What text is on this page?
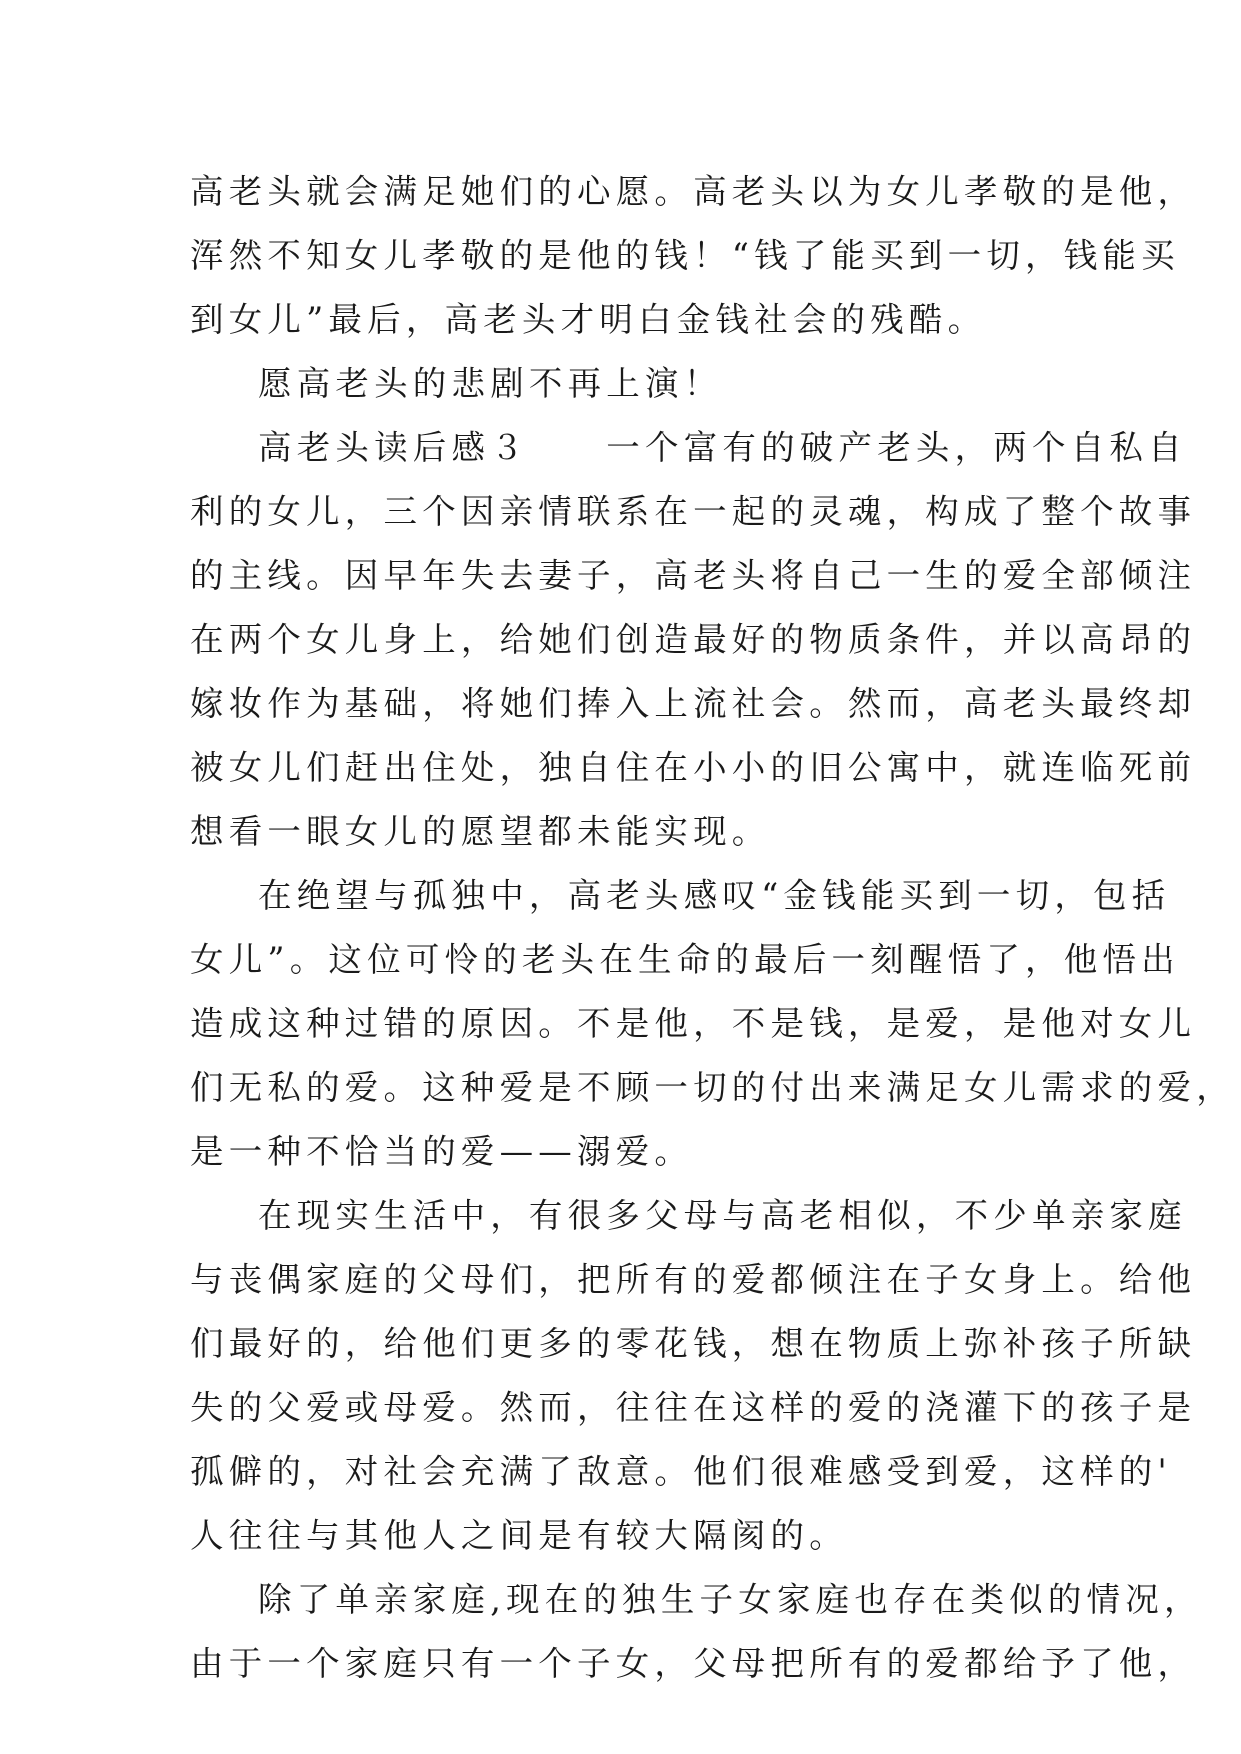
高老头就会满足她们的心愿。高老头以为女儿孝敬的是他，
浑然不知女儿孝敬的是他的钱！“钱了能买到一切，钱能买
到女儿”最后，高老头才明白金钱社会的残酷。
愿高老头的悲剧不再上演！
高老头读后感３　　一个富有的破产老头，两个自私自
利的女儿，三个因亲情联系在一起的灵魂，构成了整个故事
的主线。因早年失去妻子，高老头将自己一生的爱全部倾注
在两个女儿身上，给她们创造最好的物质条件，并以高昂的
嫁妆作为基础，将她们捧入上流社会。然而，高老头最终却
被女儿们赶出住处，独自住在小小的旧公寓中，就连临死前
想看一眼女儿的愿望都未能实现。
在绝望与孤独中，高老头感叹“金钱能买到一切，包括
女儿”。这位可怜的老头在生命的最后一刻醒悟了，他悟出
造成这种过错的原因。不是他，不是钱，是爱，是他对女儿
们无私的爱。这种爱是不顾一切的付出来满足女儿需求的爱，
是一种不恰当的爱——溺爱。
在现实生活中，有很多父母与高老相似，不少单亲家庭
与丧偶家庭的父母们，把所有的爱都倾注在子女身上。给他
们最好的，给他们更多的零花钱，想在物质上弥补孩子所缺
失的父爱或母爱。然而，往往在这样的爱的浇灌下的孩子是
孤僻的，对社会充满了敌意。他们很难感受到爱，这样的'
人往往与其他人之间是有较大隔阂的。
除了单亲家庭,现在的独生子女家庭也存在类似的情况，
由于一个家庭只有一个子女，父母把所有的爱都给予了他，
